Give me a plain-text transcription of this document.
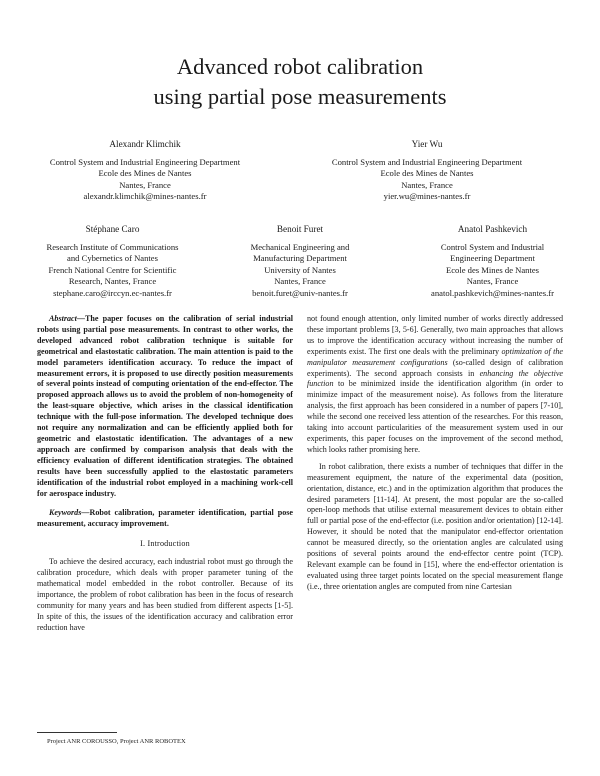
Advanced robot calibration
using partial pose measurements
Alexandr Klimchik
Control System and Industrial Engineering Department
Ecole des Mines de Nantes
Nantes, France
alexandr.klimchik@mines-nantes.fr
Yier Wu
Control System and Industrial Engineering Department
Ecole des Mines de Nantes
Nantes, France
yier.wu@mines-nantes.fr
Stéphane Caro
Research Institute of Communications
and Cybernetics of Nantes
French National Centre for Scientific
Research, Nantes, France
stephane.caro@irccyn.ec-nantes.fr
Benoit Furet
Mechanical Engineering and
Manufacturing Department
University of Nantes
Nantes, France
benoit.furet@univ-nantes.fr
Anatol Pashkevich
Control System and Industrial
Engineering Department
Ecole des Mines de Nantes
Nantes, France
anatol.pashkevich@mines-nantes.fr

Abstract—The paper focuses on the calibration of serial industrial robots using partial pose measurements. In contrast to other works, the developed advanced robot calibration technique is suitable for geometrical and elastostatic calibration. The main attention is paid to the model parameters identification accuracy. To reduce the impact of measurement errors, it is proposed to use directly position measurements of several points instead of computing orientation of the end-effector. The proposed approach allows us to avoid the problem of non-homogeneity of the least-square objective, which arises in the classical identification technique with the full-pose information. The developed technique does not require any normalization and can be efficiently applied both for geometric and elastostatic identification. The advantages of a new approach are confirmed by comparison analysis that deals with the efficiency evaluation of different identification strategies. The obtained results have been successfully applied to the elastostatic parameters identification of the industrial robot employed in a machining work-cell for aerospace industry.

Keywords—Robot calibration, parameter identification, partial pose measurement, accuracy improvement.

I. Introduction

To achieve the desired accuracy, each industrial robot must go through the calibration procedure, which deals with proper parameter tuning of the mathematical model embedded in the robot controller. Because of its importance, the problem of robot calibration has been in the focus of research community for many years and has been studied from different aspects [1-5]. In spite of this, the issues of the identification accuracy and calibration error reduction have

not found enough attention, only limited number of works directly addressed these important problems [3, 5-6]. Generally, two main approaches that allows us to improve the identification accuracy without increasing the number of experiments exist. The first one deals with the preliminary optimization of the manipulator measurement configurations (so-called design of calibration experiments). The second approach consists in enhancing the objective function to be minimized inside the identification algorithm (in order to minimize impact of the measurement noise). As follows from the literature analysis, the first approach has been considered in a number of papers [7-10], while the second one received less attention of the researches. For this reason, taking into account particularities of the measurement system used in our experiments, this paper focuses on the improvement of the second method, which looks rather promising here.

In robot calibration, there exists a number of techniques that differ in the measurement equipment, the nature of the experimental data (position, orientation, distance, etc.) and in the optimization algorithm that produces the desired parameters [11-14]. At present, the most popular are the so-called open-loop methods that utilise external measurement devices to obtain either full or partial pose of the end-effector (i.e. position and/or orientation) [12-14]. However, it should be noted that the manipulator end-effector orientation cannot be measured directly, so the orientation angles are calculated using positions of several points around the end-effector centre point (TCP). Relevant example can be found in [15], where the end-effector orientation is evaluated using three target points located on the special measurement flange (i.e., three orientation angles are computed from nine Cartesian

Project ANR COROUSSO, Project ANR ROBOTEX
